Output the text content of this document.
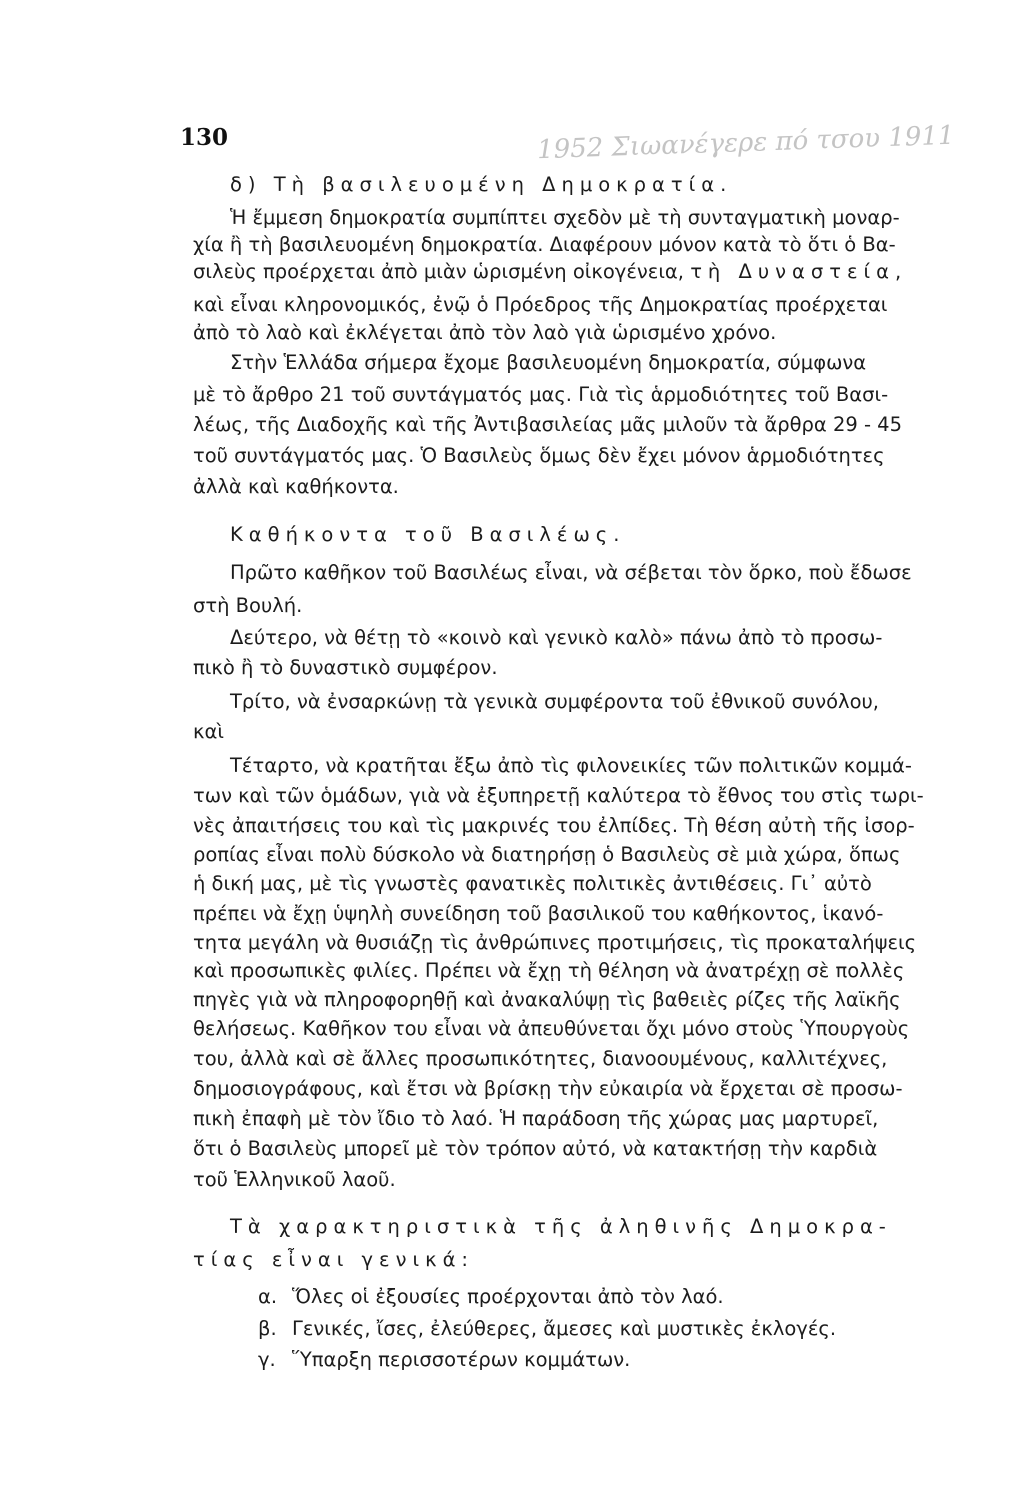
130	1952 Σιωανέγερε πό τσου 1911
δ) Τὴ βασιλευομένη Δημοκρατία.
Ἡ ἔμμεση δημοκρατία συμπίπτει σχεδὸν μὲ τὴ συνταγματικὴ μοναρ-
χία ἢ τὴ βασιλευομένη δημοκρατία. Διαφέρουν μόνον κατὰ τὸ ὅτι ὁ Βα-
σιλεὺς προέρχεται ἀπὸ μιὰν ὡρισμένη οἰκογένεια, τὴ Δυναστεία,
καὶ εἶναι κληρονομικός, ἐνῷ ὁ Πρόεδρος τῆς Δημοκρατίας προέρχεται
ἀπὸ τὸ λαὸ καὶ ἐκλέγεται ἀπὸ τὸν λαὸ γιὰ ὡρισμένο χρόνο.
Στὴν Ἑλλάδα σήμερα ἔχομε βασιλευομένη δημοκρατία, σύμφωνα
μὲ τὸ ἄρθρο 21 τοῦ συντάγματός μας. Γιὰ τὶς ἁρμοδιότητες τοῦ Βασι-
λέως, τῆς Διαδοχῆς καὶ τῆς Ἀντιβασιλείας μᾶς μιλοῦν τὰ ἄρθρα 29 - 45
τοῦ συντάγματός μας. Ὁ Βασιλεὺς ὅμως δὲν ἔχει μόνον ἁρμοδιότητες
ἀλλὰ καὶ καθήκοντα.
Καθήκοντα τοῦ Βασιλέως.
Πρῶτο καθῆκον τοῦ Βασιλέως εἶναι, νὰ σέβεται τὸν ὅρκο, ποὺ ἔδωσε
στὴ Βουλή.
Δεύτερο, νὰ θέτῃ τὸ «κοινὸ καὶ γενικὸ καλὸ» πάνω ἀπὸ τὸ προσω-
πικὸ ἢ τὸ δυναστικὸ συμφέρον.
Τρίτο, νὰ ἐνσαρκώνῃ τὰ γενικὰ συμφέροντα τοῦ ἐθνικοῦ συνόλου,
καὶ
Τέταρτο, νὰ κρατῆται ἔξω ἀπὸ τὶς φιλονεικίες τῶν πολιτικῶν κομμά-
των καὶ τῶν ὁμάδων, γιὰ νὰ ἐξυπηρετῇ καλύτερα τὸ ἔθνος του στὶς τωρι-
νὲς ἀπαιτήσεις του καὶ τὶς μακρινές του ἐλπίδες. Τὴ θέση αὐτὴ τῆς ἰσορ-
ροπίας εἶναι πολὺ δύσκολο νὰ διατηρήσῃ ὁ Βασιλεὺς σὲ μιὰ χώρα, ὅπως
ἡ δική μας, μὲ τὶς γνωστὲς φανατικὲς πολιτικὲς ἀντιθέσεις. Γι᾿ αὐτὸ
πρέπει νὰ ἔχῃ ὑψηλὴ συνείδηση τοῦ βασιλικοῦ του καθήκοντος, ἱκανό-
τητα μεγάλη νὰ θυσιάζῃ τὶς ἀνθρώπινες προτιμήσεις, τὶς προκαταλήψεις
καὶ προσωπικὲς φιλίες. Πρέπει νὰ ἔχῃ τὴ θέληση νὰ ἀνατρέχῃ σὲ πολλὲς
πηγὲς γιὰ νὰ πληροφορηθῇ καὶ ἀνακαλύψῃ τὶς βαθειὲς ρίζες τῆς λαϊκῆς
θελήσεως. Καθῆκον του εἶναι νὰ ἀπευθύνεται ὄχι μόνο στοὺς Ὑπουργοὺς
του, ἀλλὰ καὶ σὲ ἄλλες προσωπικότητες, διανοουμένους, καλλιτέχνες,
δημοσιογράφους, καὶ ἔτσι νὰ βρίσκῃ τὴν εὐκαιρία νὰ ἔρχεται σὲ προσω-
πικὴ ἐπαφὴ μὲ τὸν ἴδιο τὸ λαό. Ἡ παράδοση τῆς χώρας μας μαρτυρεῖ,
ὅτι ὁ Βασιλεὺς μπορεῖ μὲ τὸν τρόπον αὐτό, νὰ κατακτήσῃ τὴν καρδιὰ
τοῦ Ἑλληνικοῦ λαοῦ.
Τὰ χαρακτηριστικὰ τῆς ἀληθινῆς Δημοκρα-
τίας εἶναι γενικά:
α. Ὅλες οἱ ἐξουσίες προέρχονται ἀπὸ τὸν λαό.
β. Γενικές, ἴσες, ἐλεύθερες, ἄμεσες καὶ μυστικὲς ἐκλογές.
γ. Ὕπαρξη περισσοτέρων κομμάτων.
